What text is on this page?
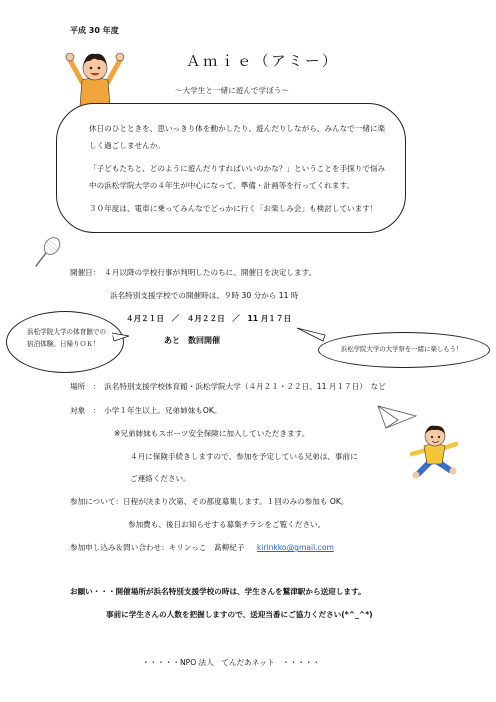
平成 30 年度
Ａｍｉｅ（アミー）
～大学生と一緒に遊んで学ぼう～
休日のひとときを、思いっきり体を動かしたり、遊んだりしながら、みんなで一緒に楽しく過ごしませんか。
「子どもたちと、どのように遊んだりすればいいのかな？」ということを手探りで悩み中の浜松学院大学の４年生が中心になって、準備・計画等を行ってくれます。
３０年度は、電車に乗ってみんなでどっかに行く「お楽しみ会」も検討しています！
開催日：　４月以降の学校行事が判明したのちに、開催日を決定します。
浜名特別支援学校での開催時は、９時 30 分から 11 時
４月２１日　／　４月２２日　／　11 月１７日
あと　数回開催
浜松学院大学の体育館での宿泊体験。日帰りＯＫ！
浜松学院大学の大学祭を一緒に楽しもう！
場所　：　浜名特別支援学校体育館・浜松学院大学（４月２１・２２日、11 月１７日）　など
対象　：　小学１年生以上。兄弟姉妹もOK。
※兄弟姉妹もスポーツ安全保険に加入していただきます。
４月に保険手続きしますので、参加を予定している兄弟は、事前に
ご連絡ください。
参加について：日程が決まり次第、その都度募集します。１回のみの参加も OK。
参加費も、後日お知らせする募集チラシをご覧ください。
参加申し込み＆問い合わせ：キリンっこ　髙柳紀子 kirinkko@gmail.com
お願い・・・開催場所が浜名特別支援学校の時は、学生さんを鷲津駅から送迎します。
事前に学生さんの人数を把握しますので、送迎当番にご協力ください(*^_^*)
・・・・・NPO 法人　てんだあネット　・・・・・
